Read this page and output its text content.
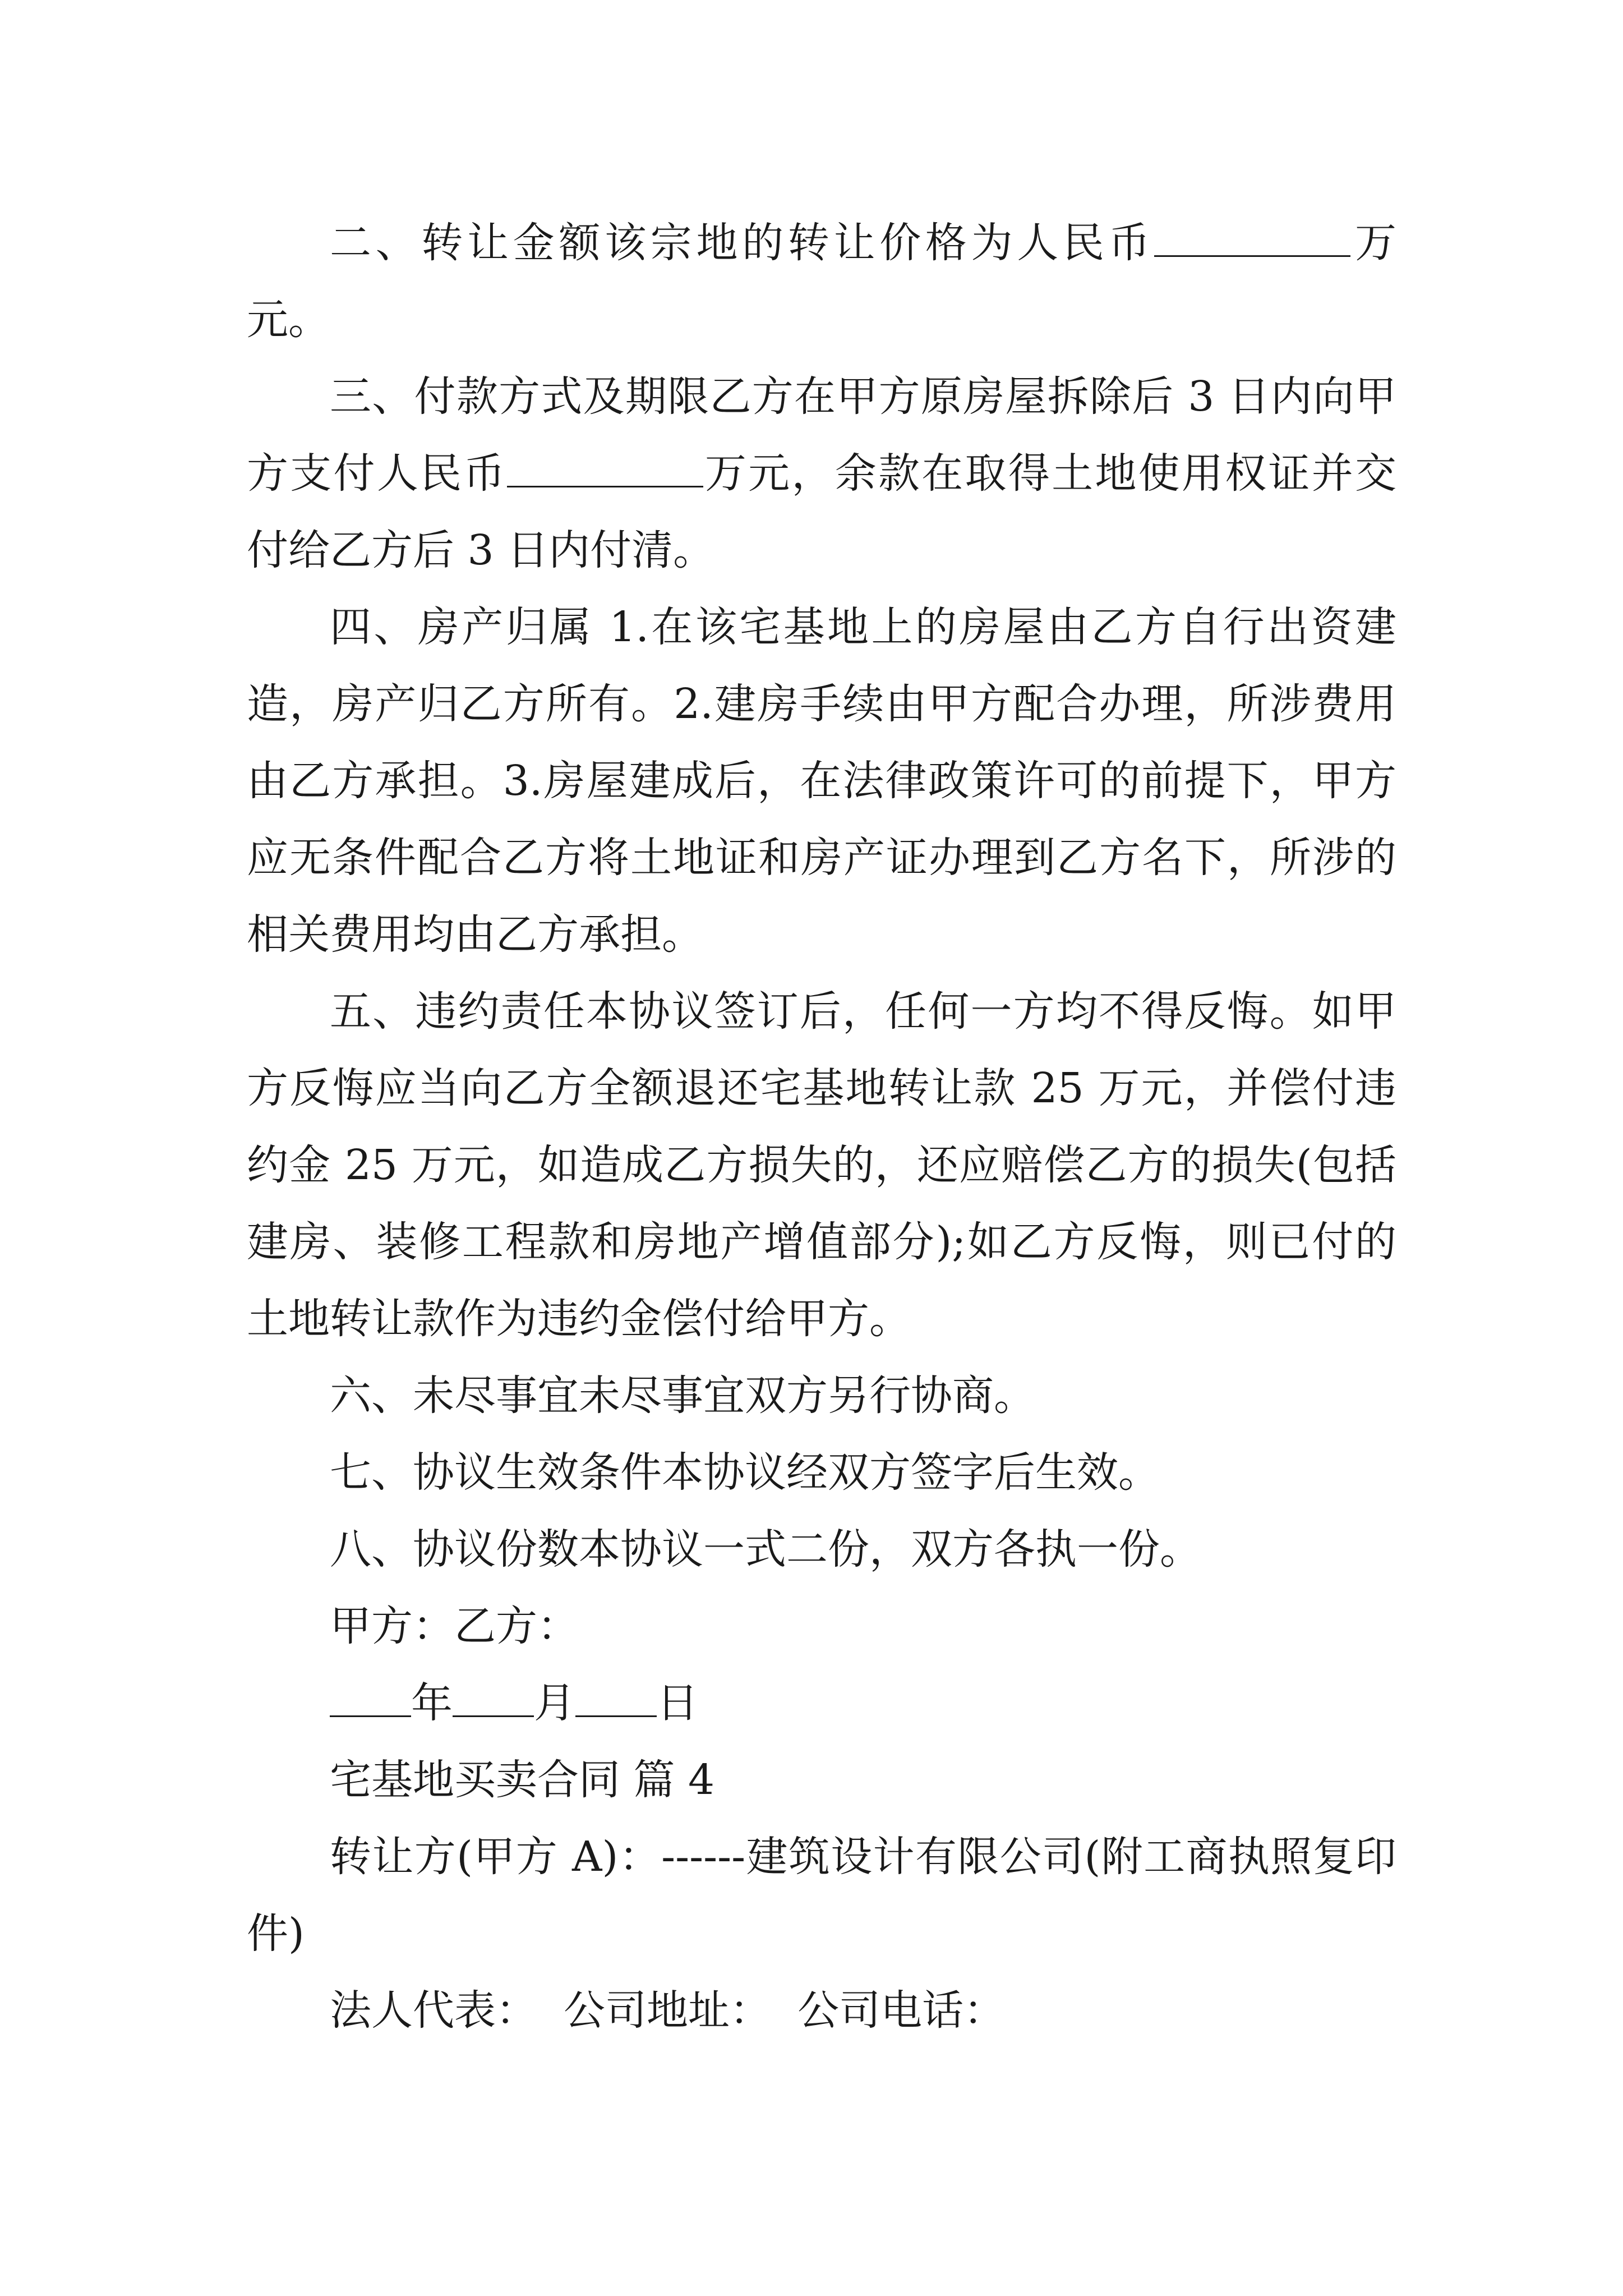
二、转让金额该宗地的转让价格为人民币	万元。

三、付款方式及期限乙方在甲方原房屋拆除后 3 日内向甲方支付人民币	万元，余款在取得土地使用权证并交付给乙方后 3 日内付清。

四、房产归属 1.在该宅基地上的房屋由乙方自行出资建造，房产归乙方所有。2.建房手续由甲方配合办理，所涉费用由乙方承担。3.房屋建成后，在法律政策许可的前提下，甲方应无条件配合乙方将土地证和房产证办理到乙方名下，所涉的相关费用均由乙方承担。

五、违约责任本协议签订后，任何一方均不得反悔。如甲方反悔应当向乙方全额退还宅基地转让款 25 万元，并偿付违约金 25 万元，如造成乙方损失的，还应赔偿乙方的损失(包括建房、装修工程款和房地产增值部分);如乙方反悔，则已付的土地转让款作为违约金偿付给甲方。

六、未尽事宜未尽事宜双方另行协商。

七、协议生效条件本协议经双方签字后生效。

八、协议份数本协议一式二份，双方各执一份。

甲方：乙方：

年 月 日

宅基地买卖合同 篇 4

转让方(甲方 A)：------建筑设计有限公司(附工商执照复印件)

法人代表：  公司地址：  公司电话：
